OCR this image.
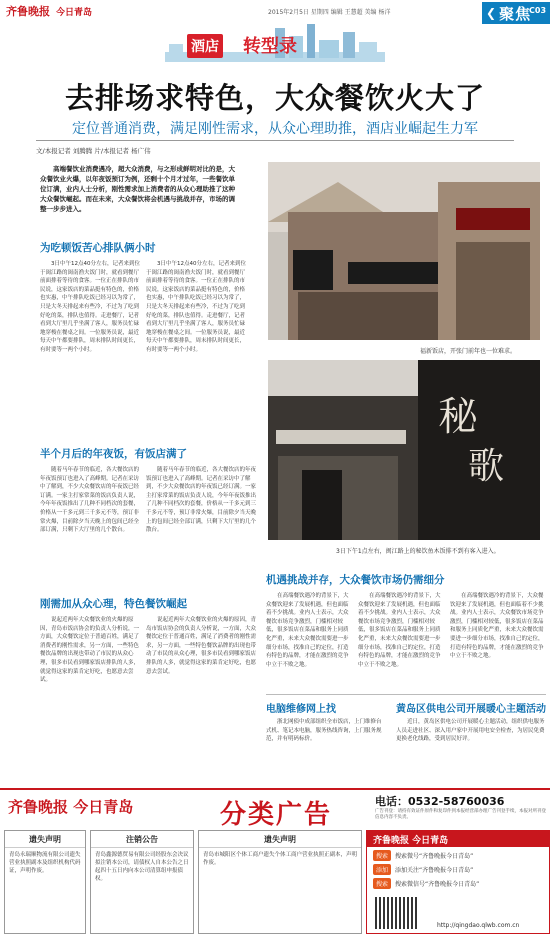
齐鲁晚报 今日青岛	2015年2月5日 星期四 编辑 王慧超 美编 杨洋	❮ 聚焦
C03
酒店 转型录
去排场求特色，大众餐饮火大了
定位普通消费，满足刚性需求，从众心理助推，酒店业崛起生力军
文/本报记者 刘腾腾 片/本报记者 杨广伟
高端餐饮业消费遇冷，超大众消费，与之形成鲜明对比的是，大众餐饮业火爆，以年夜饭预订为例，还剩十个月才过年，一些餐饮单位订满，业内人士分析，刚性需求加上消费者的从众心理助推了这种大众餐饮崛起。而在未来，大众餐饮将会机遇与挑战并存，市场的调整一步步进入。
为吃顿饭苦心排队俩小时
3日中午12点40分左右，记者来到位于闽江路的闽南渔夫饭门时，就看到餐厅前面排着等待的食客。一位正在排队的市民说，这家饭店的菜品挺有特色的，价格也实惠，中午排队吃饭已经习以为常了，只是大冬天排起来有些冷，不过为了吃到好吃的菜，排队也值得。走进餐厅，记者看到大厅里几乎坐满了客人，服务员忙碌地穿梭在餐桌之间。一位服务员说，最近每天中午都要排队，周末排队时间更长，有时要等一两个小时。
3日中午12点40分左右，记者来到位于闽江路的闽南渔夫饭门时，就看到餐厅前面排着等待的食客。一位正在排队的市民说，这家饭店的菜品挺有特色的，价格也实惠，中午排队吃饭已经习以为常了，只是大冬天排起来有些冷，不过为了吃到好吃的菜，排队也值得。走进餐厅，记者看到大厅里几乎坐满了客人，服务员忙碌地穿梭在餐桌之间。一位服务员说，最近每天中午都要排队，周末排队时间更长，有时要等一两个小时。	福新饭店，开张门前年也一位难求。
秘
歌
3日下午1点左右，闽江路上的秘饮鱼木饭排不到有客入进入。
半个月后的年夜饭，有饭店满了
随着马年春节的临近，各大餐饮店的年夜饭预订也进入了高峰期。记者在采访中了解到，不少大众餐饮店的年夜饭已经订满。一家主打家常菜的饭店负责人说，今年年夜饭推出了几种不同档次的套餐，价格从一千多元到三千多元不等，预订非常火爆，目前除夕当天晚上的包间已经全部订满，只剩下大厅里的几个散台。
随着马年春节的临近，各大餐饮店的年夜饭预订也进入了高峰期。记者在采访中了解到，不少大众餐饮店的年夜饭已经订满。一家主打家常菜的饭店负责人说，今年年夜饭推出了几种不同档次的套餐，价格从一千多元到三千多元不等，预订非常火爆，目前除夕当天晚上的包间已经全部订满，只剩下大厅里的几个散台。
刚需加从众心理，特色餐饮崛起
说起近两年大众餐饮业的火爆的原因，青岛市饭店协会的负责人分析说，一方面，大众餐饮定位于普通百姓，满足了消费者的刚性需求，另一方面，一些特色餐饮品牌的出现也带动了市民的从众心理，很多市民看到哪家饭店排队的人多，就觉得这家的菜肯定好吃，也愿意去尝试。
说起近两年大众餐饮业的火爆的原因，青岛市饭店协会的负责人分析说，一方面，大众餐饮定位于普通百姓，满足了消费者的刚性需求，另一方面，一些特色餐饮品牌的出现也带动了市民的从众心理，很多市民看到哪家饭店排队的人多，就觉得这家的菜肯定好吃，也愿意去尝试。
机遇挑战并存，大众餐饮市场仍需细分
在高端餐饮遇冷的背景下，大众餐饮迎来了发展机遇，但也面临着不少挑战。业内人士表示，大众餐饮市场竞争激烈，门槛相对较低，很多饭店在菜品和服务上同质化严重，未来大众餐饮需要进一步细分市场，找准自己的定位，打造有特色的品牌，才能在激烈的竞争中立于不败之地。
在高端餐饮遇冷的背景下，大众餐饮迎来了发展机遇，但也面临着不少挑战。业内人士表示，大众餐饮市场竞争激烈，门槛相对较低，很多饭店在菜品和服务上同质化严重，未来大众餐饮需要进一步细分市场，找准自己的定位，打造有特色的品牌，才能在激烈的竞争中立于不败之地。
在高端餐饮遇冷的背景下，大众餐饮迎来了发展机遇，但也面临着不少挑战。业内人士表示，大众餐饮市场竞争激烈，门槛相对较低，很多饭店在菜品和服务上同质化严重，未来大众餐饮需要进一步细分市场，找准自己的定位，打造有特色的品牌，才能在激烈的竞争中立于不败之地。
电脑维修网上找
浙北网侦中成部组织全市饭店，上门维修台式机、笔记本电脑，服务热线咨询，上门服务规范，并有明码标价。
黄岛区供电公司开展暖心主题活动
近日，黄岛区供电公司开展暖心主题活动，组织供电服务人员走进社区、深入用户家中开展用电安全检查，为居民免费更换老化线路，受到居民好评。
齐鲁晚报 今日青岛	分类广告	电话：0532-58760036
广告刊登：请持有效证件原件和复印件到本报经营部办理广告刊登手续，本报对所刊登信息内容不负责。
遗失声明
青岛永瑞顺物流有限公司遗失营业执照副本及组织机构代码证，声明作废。
注销公告
青岛鑫源德贸易有限公司经股东会决议拟注销本公司，请债权人自本公告之日起四十五日内向本公司清算组申报债权。
遗失声明
青岛市城阳区个体工商户遗失个体工商户营业执照正副本，声明作废。
齐鲁晚报 今日青岛
搜索	搜索微号“齐鲁晚报今日青岛”
添加	添加关注“齐鲁晚报今日青岛”
搜索	搜索微信号“齐鲁晚报今日青岛”
http://qingdao.qlwb.com.cn
